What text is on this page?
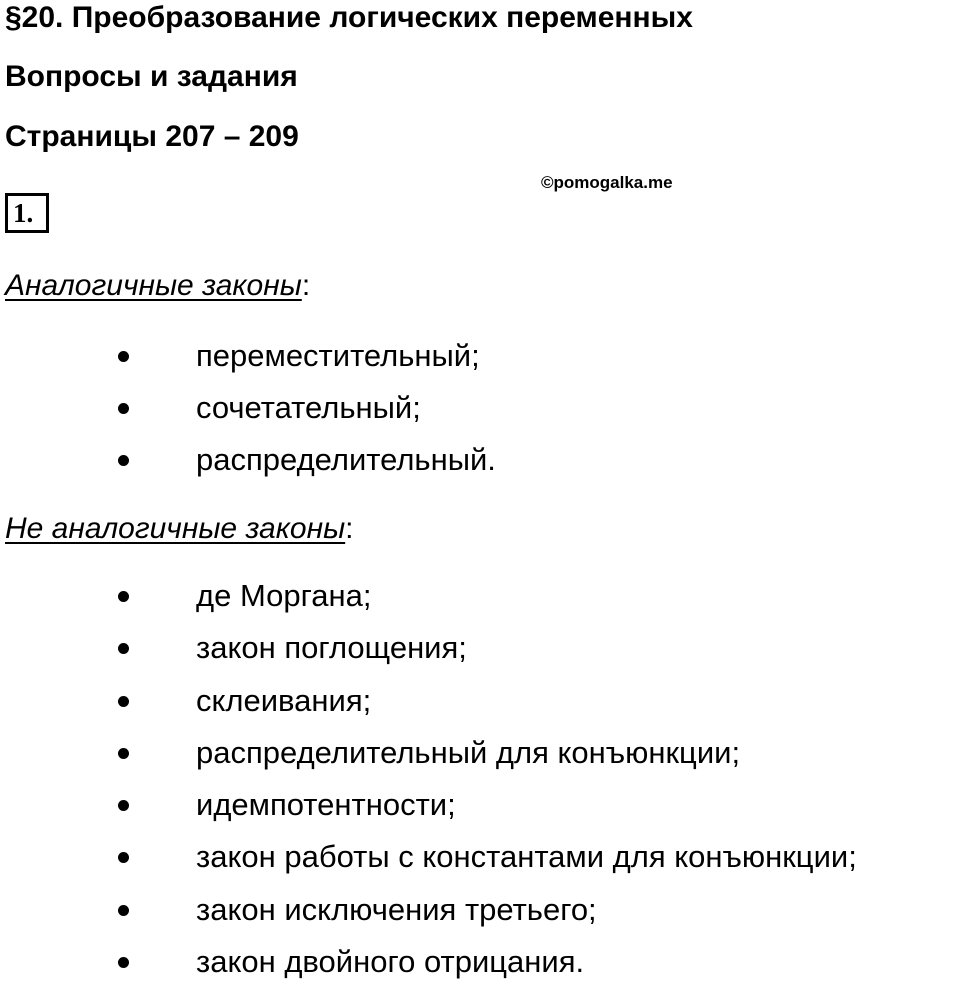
§20. Преобразование логических переменных
Вопросы и задания
Страницы 207 – 209
©pomogalka.me
1.

Аналогичные законы:

переместительный;
сочетательный;
распределительный.

Не аналогичные законы:

де Моргана;
закон поглощения;
склеивания;
распределительный для конъюнкции;
идемпотентности;
закон работы с константами для конъюнкции;
закон исключения третьего;
закон двойного отрицания.
